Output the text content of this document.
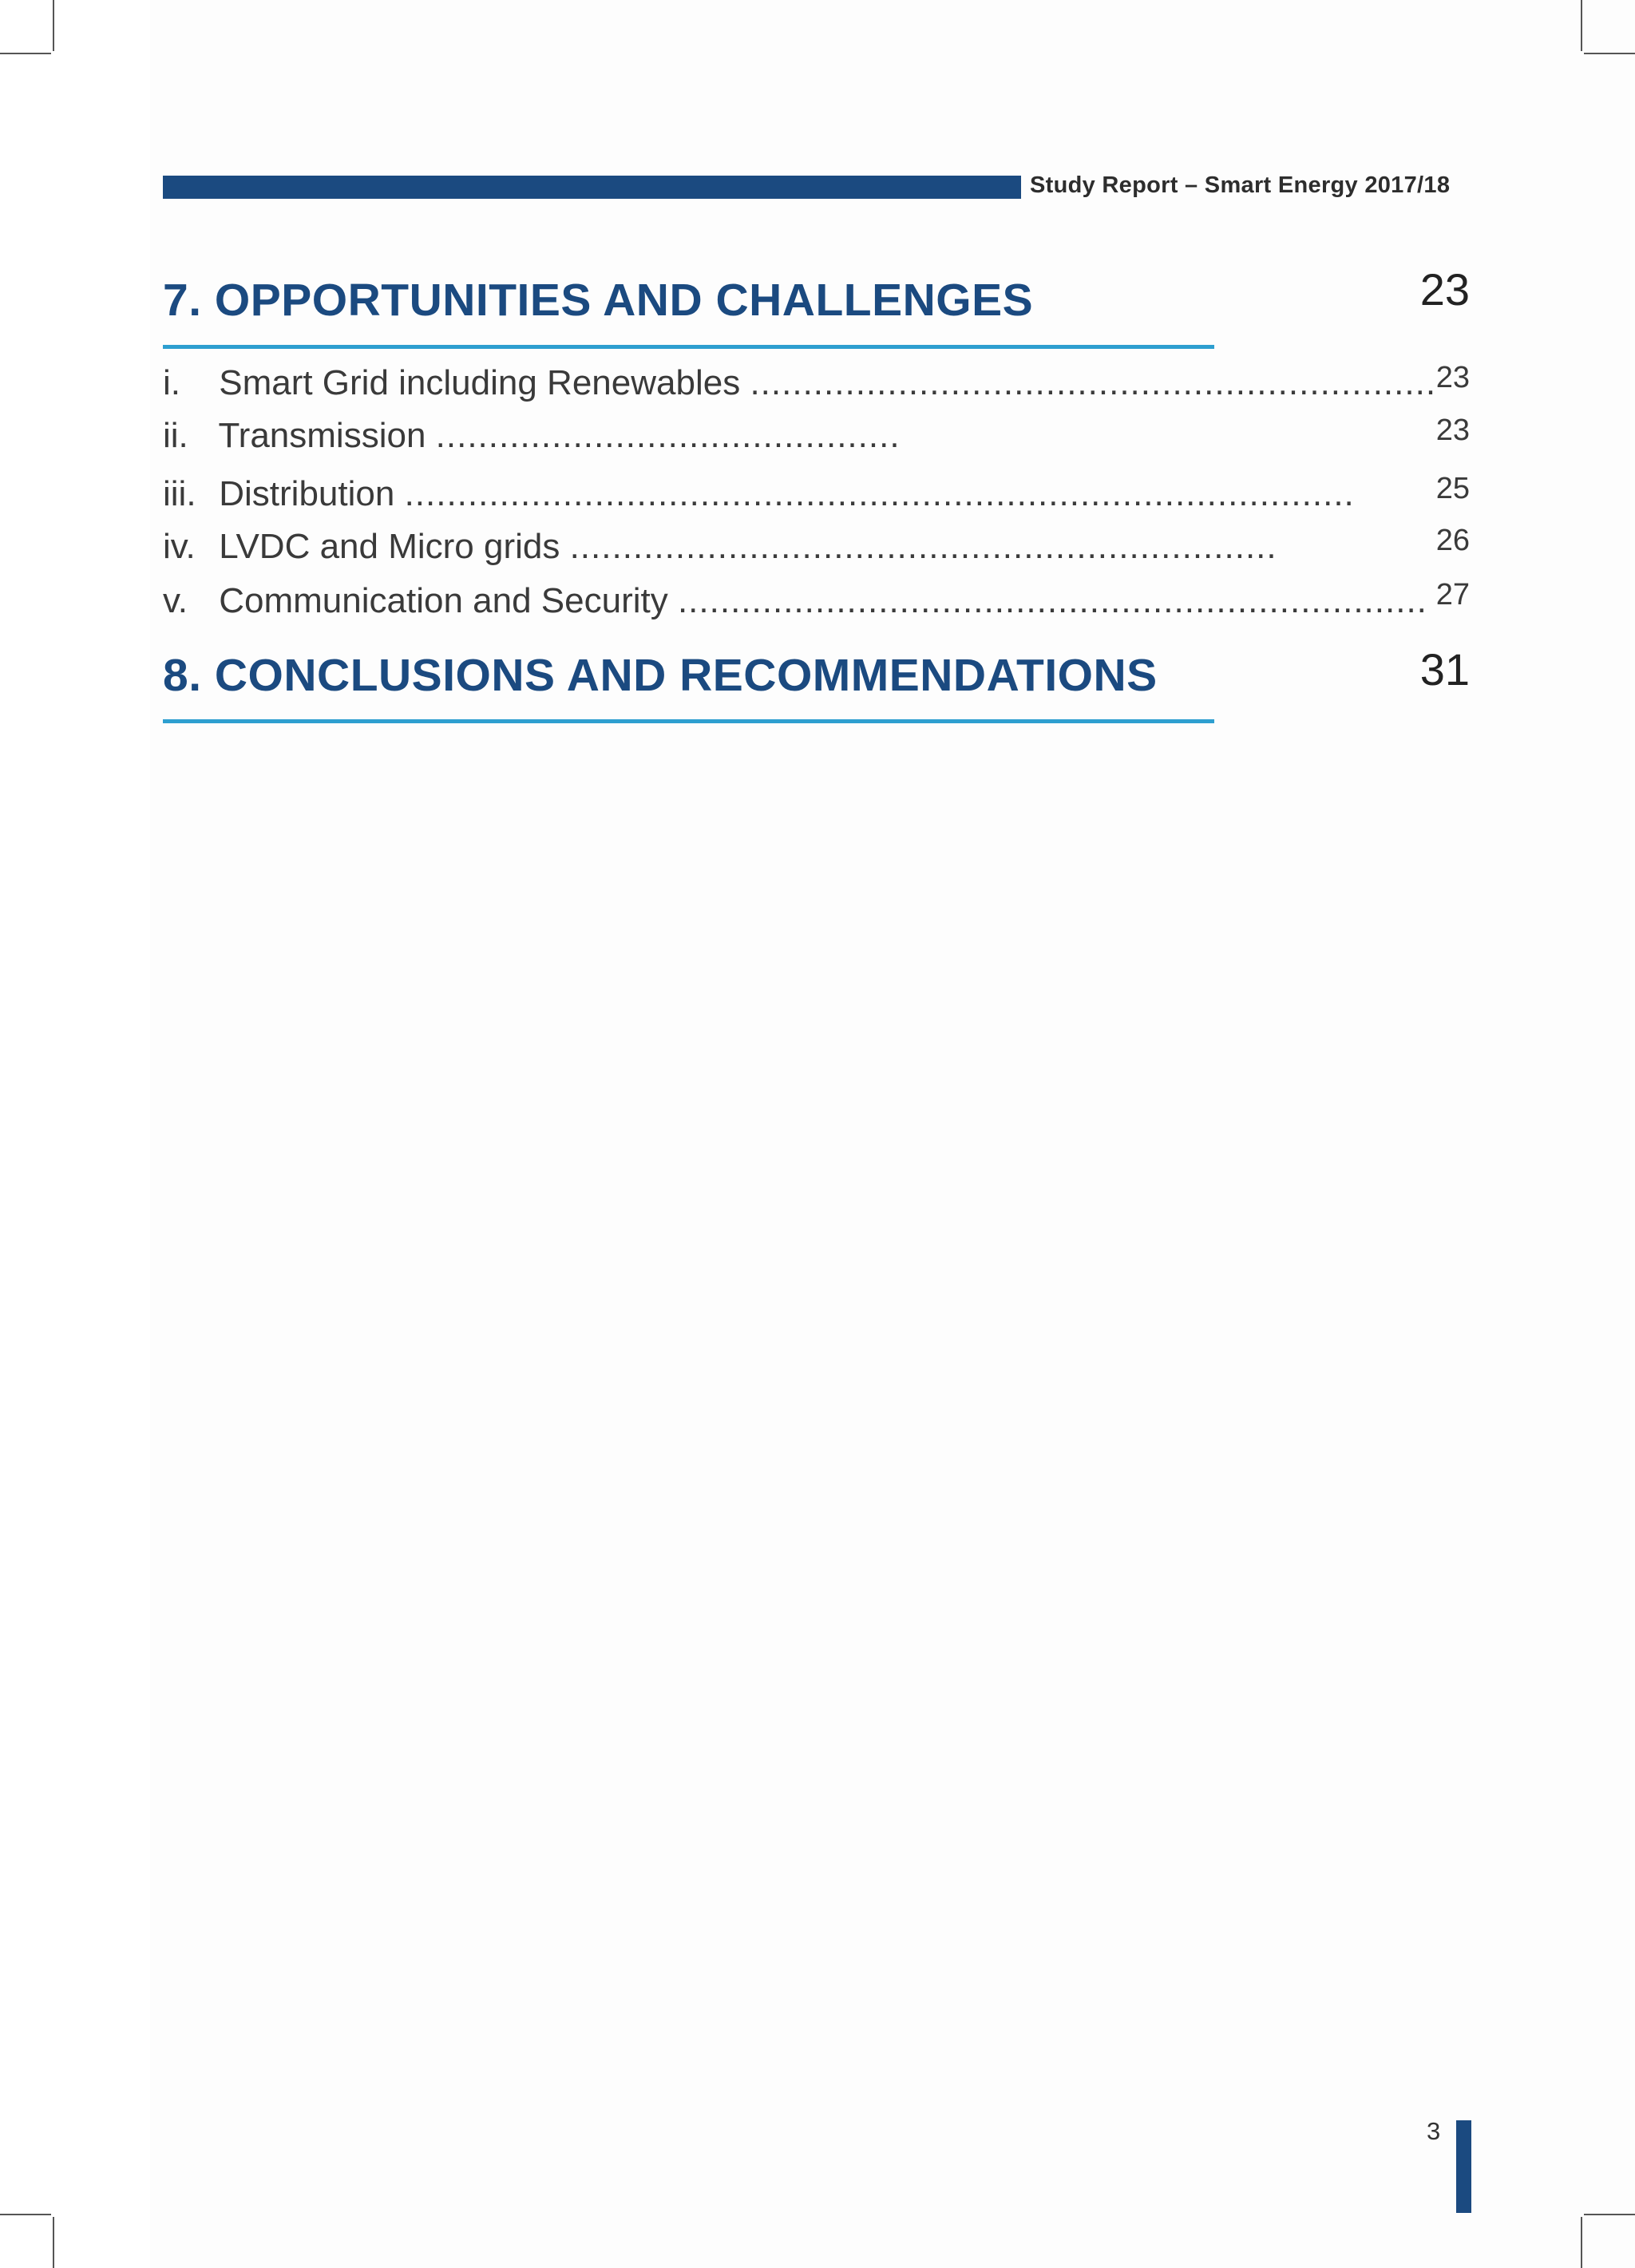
Study Report – Smart Energy 2017/18
7. OPPORTUNITIES AND CHALLENGES	23
i. Smart Grid including Renewables ................................................................. 23
ii. Transmission ............................................	23
iii. Distribution ..........................................................................................	25
iv. LVDC and Micro grids ...................................................................	26
v. Communication and Security ....................................................................... 27
8. CONCLUSIONS AND RECOMMENDATIONS	31
3
